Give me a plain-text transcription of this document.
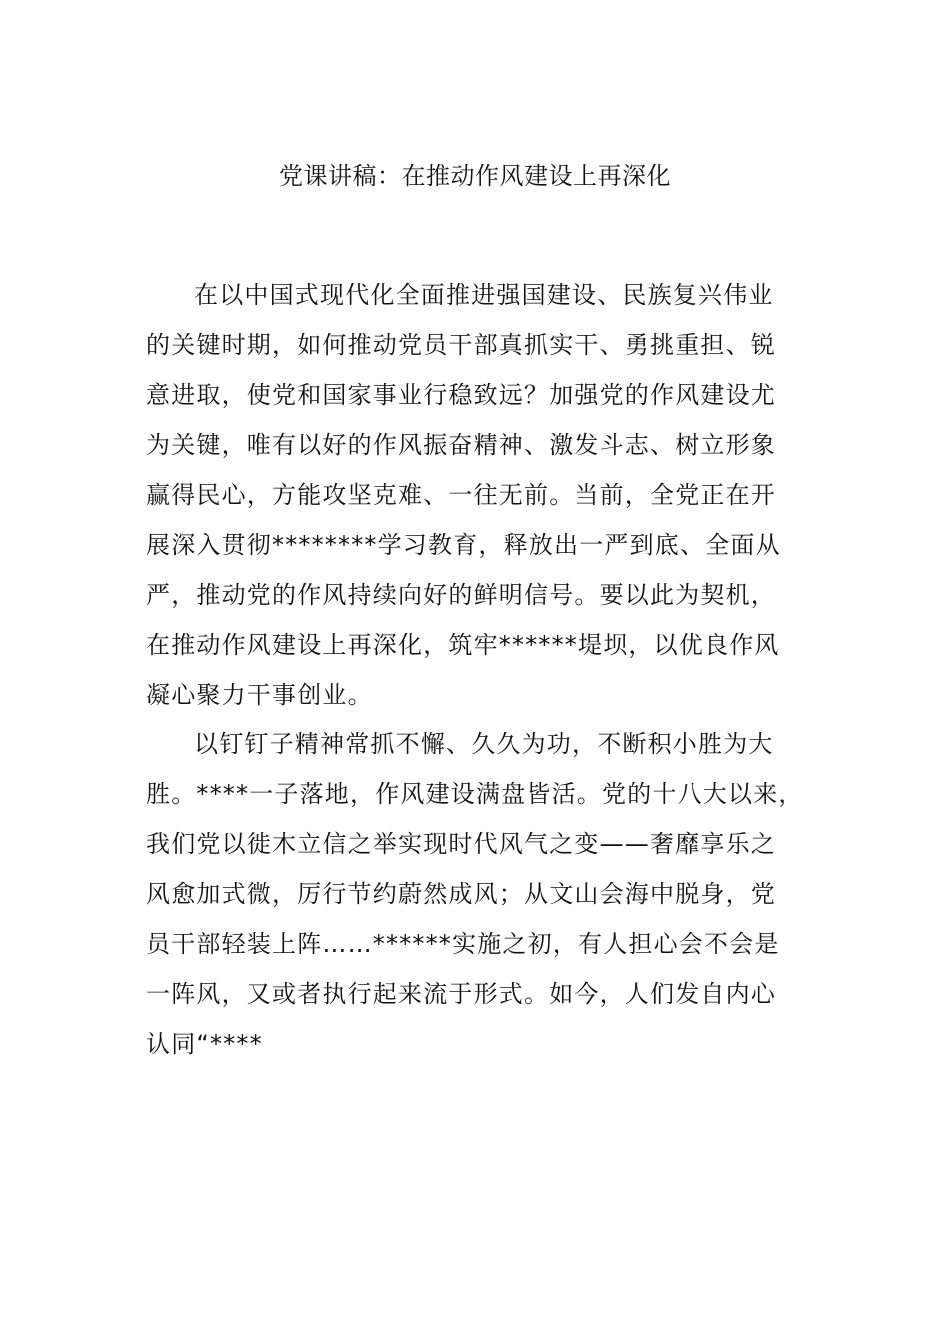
党课讲稿：在推动作风建设上再深化

在以中国式现代化全面推进强国建设、民族复兴伟业

的关键时期，如何推动党员干部真抓实干、勇挑重担、锐

意进取，使党和国家事业行稳致远？加强党的作风建设尤

为关键，唯有以好的作风振奋精神、激发斗志、树立形象

赢得民心，方能攻坚克难、一往无前。当前，全党正在开

展深入贯彻********学习教育，释放出一严到底、全面从

严，推动党的作风持续向好的鲜明信号。要以此为契机，

在推动作风建设上再深化，筑牢******堤坝，以优良作风

凝心聚力干事创业。

以钉钉子精神常抓不懈、久久为功，不断积小胜为大

胜。****一子落地，作风建设满盘皆活。党的十八大以来，

我们党以徙木立信之举实现时代风气之变——奢靡享乐之

风愈加式微，厉行节约蔚然成风；从文山会海中脱身，党

员干部轻装上阵……******实施之初，有人担心会不会是

一阵风，又或者执行起来流于形式。如今，人们发自内心

认同“****
